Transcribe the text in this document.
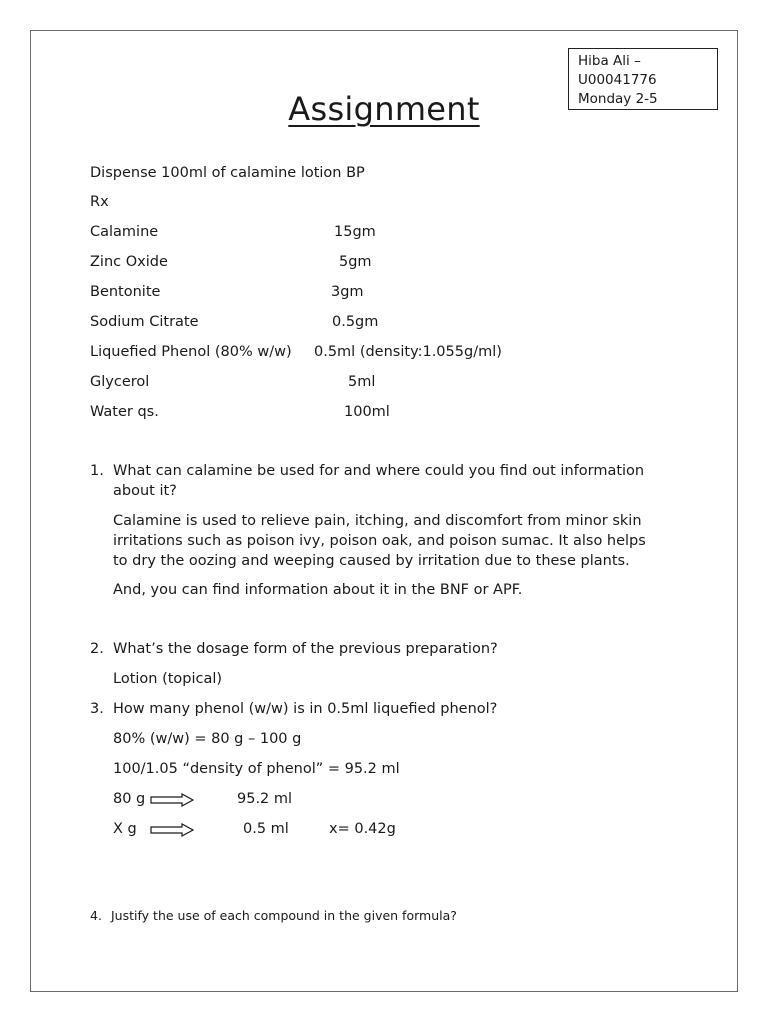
Hiba Ali –
U00041776
Monday 2-5
Assignment
Dispense 100ml of calamine lotion BP
Rx
Calamine	15gm
Zinc Oxide	5gm
Bentonite	3gm
Sodium Citrate	0.5gm
Liquefied Phenol (80% w/w) 0.5ml (density:1.055g/ml)
Glycerol	5ml
Water qs.	100ml
1. What can calamine be used for and where could you find out information
about it?
Calamine is used to relieve pain, itching, and discomfort from minor skin
irritations such as poison ivy, poison oak, and poison sumac. It also helps
to dry the oozing and weeping caused by irritation due to these plants.
And, you can find information about it in the BNF or APF.
2. What’s the dosage form of the previous preparation?
Lotion (topical)
3. How many phenol (w/w) is in 0.5ml liquefied phenol?
80% (w/w) = 80 g – 100 g
100/1.05 “density of phenol” = 95.2 ml
80 g	95.2 ml
X g	0.5 ml	x= 0.42g
4. Justify the use of each compound in the given formula?
